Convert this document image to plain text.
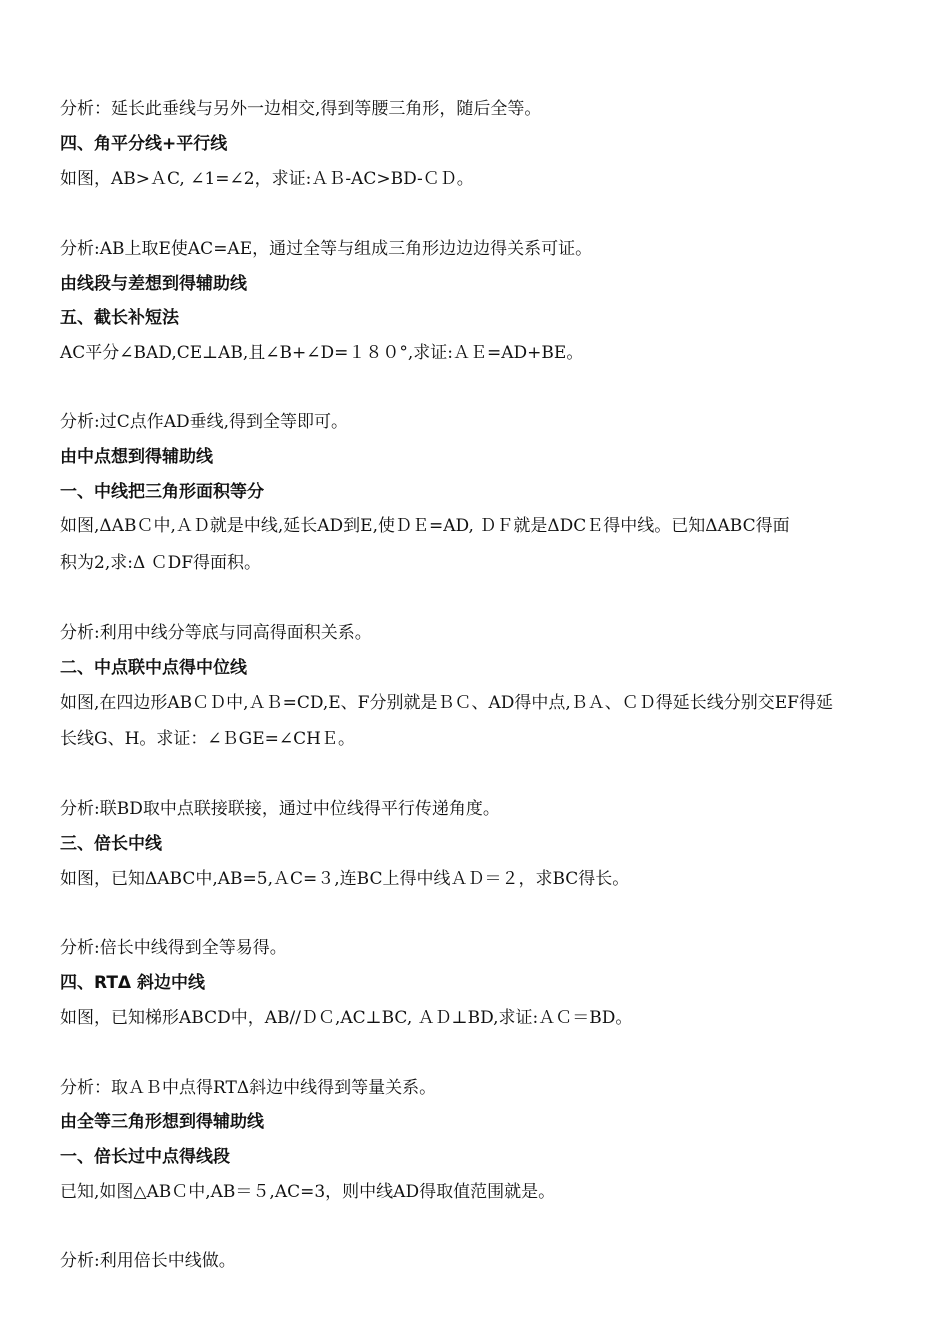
分析：延长此垂线与另外一边相交,得到等腰三角形，随后全等。
四、角平分线+平行线
如图，AB>ＡC, ∠1=∠2，求证:ＡＢ-AC>BD-ＣＤ。
分析:AB上取E使AC=AE，通过全等与组成三角形边边边得关系可证。
由线段与差想到得辅助线
五、截长补短法
AC平分∠BAD,CE⊥AB,且∠B+∠D=１８０°,求证:ＡＥ=AD+BE。
分析:过C点作AD垂线,得到全等即可。
由中点想到得辅助线
一、中线把三角形面积等分
如图,ΔABＣ中,ＡＤ就是中线,延长AD到E,使ＤＥ=AD, ＤＦ就是ΔDCＥ得中线。已知ΔABC得面
积为2,求:Δ ＣDF得面积。
分析:利用中线分等底与同高得面积关系。
二、中点联中点得中位线
如图,在四边形ABＣＤ中,ＡＢ=CD,E、F分别就是ＢＣ、AD得中点,ＢＡ、ＣＤ得延长线分别交EF得延
长线G、H。求证：∠ＢGE=∠CHＥ。
分析:联BD取中点联接联接，通过中位线得平行传递角度。
三、倍长中线
如图，已知ΔABC中,AB=5,ＡC=３,连BC上得中线ＡＤ＝２，求BC得长。
分析:倍长中线得到全等易得。
四、RTΔ 斜边中线
如图，已知梯形ABCD中，AB//ＤＣ,AC⊥BC, ＡＤ⊥BD,求证:ＡＣ＝BD。
分析：取ＡＢ中点得RTΔ斜边中线得到等量关系。
由全等三角形想到得辅助线
一、倍长过中点得线段
已知,如图△ABＣ中,AB＝５,AC=3，则中线AD得取值范围就是。
分析:利用倍长中线做。
